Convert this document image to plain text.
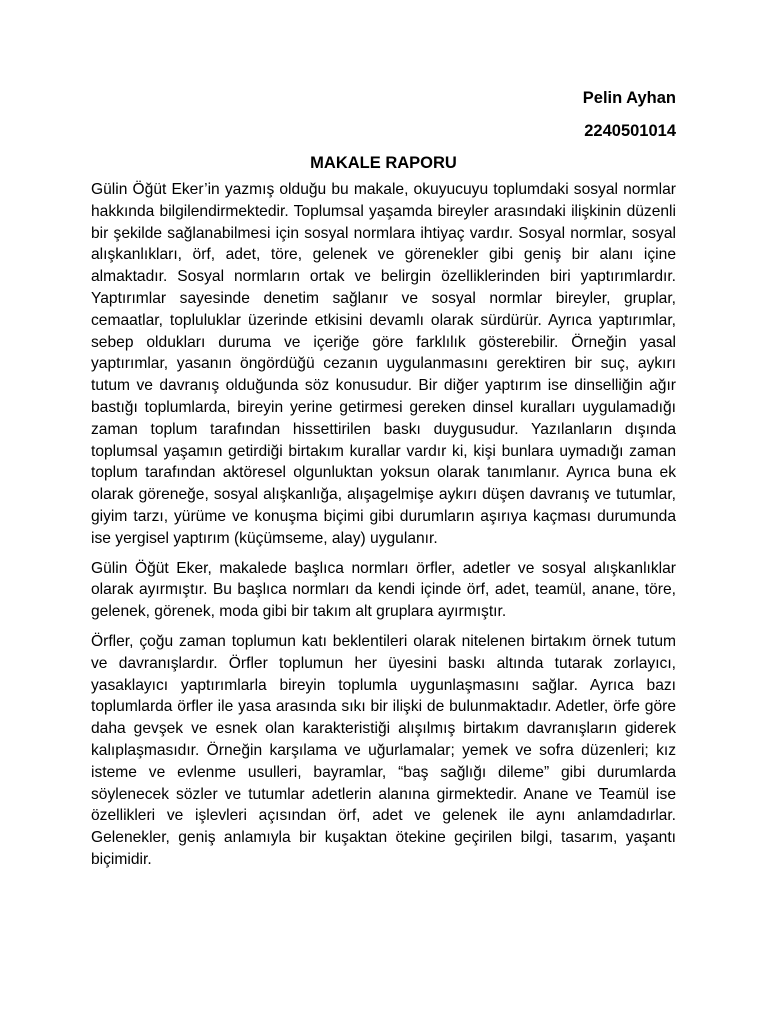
Pelin Ayhan

2240501014

MAKALE RAPORU

Gülin Öğüt Eker’in yazmış olduğu bu makale, okuyucuyu toplumdaki sosyal normlar hakkında bilgilendirmektedir. Toplumsal yaşamda bireyler arasındaki ilişkinin düzenli bir şekilde sağlanabilmesi için sosyal normlara ihtiyaç vardır. Sosyal normlar, sosyal alışkanlıkları, örf, adet, töre, gelenek ve görenekler gibi geniş bir alanı içine almaktadır. Sosyal normların ortak ve belirgin özelliklerinden biri yaptırımlardır. Yaptırımlar sayesinde denetim sağlanır ve sosyal normlar bireyler, gruplar, cemaatlar, topluluklar üzerinde etkisini devamlı olarak sürdürür. Ayrıca yaptırımlar, sebep oldukları duruma ve içeriğe göre farklılık gösterebilir. Örneğin yasal yaptırımlar, yasanın öngördüğü cezanın uygulanmasını gerektiren bir suç, aykırı tutum ve davranış olduğunda söz konusudur. Bir diğer yaptırım ise dinselliğin ağır bastığı toplumlarda, bireyin yerine getirmesi gereken dinsel kuralları uygulamadığı zaman toplum tarafından hissettirilen baskı duygusudur. Yazılanların dışında toplumsal yaşamın getirdiği birtakım kurallar vardır ki, kişi bunlara uymadığı zaman toplum tarafından aktöresel olgunluktan yoksun olarak tanımlanır. Ayrıca buna ek olarak göreneğe, sosyal alışkanlığa, alışagelmişe aykırı düşen davranış ve tutumlar, giyim tarzı, yürüme ve konuşma biçimi gibi durumların aşırıya kaçması durumunda ise yergisel yaptırım (küçümseme, alay) uygulanır.

Gülin Öğüt Eker, makalede başlıca normları örfler, adetler ve sosyal alışkanlıklar olarak ayırmıştır. Bu başlıca normları da kendi içinde örf, adet, teamül, anane, töre, gelenek, görenek, moda gibi bir takım alt gruplara ayırmıştır.

Örfler, çoğu zaman toplumun katı beklentileri olarak nitelenen birtakım örnek tutum ve davranışlardır. Örfler toplumun her üyesini baskı altında tutarak zorlayıcı, yasaklayıcı yaptırımlarla bireyin toplumla uygunlaşmasını sağlar. Ayrıca bazı toplumlarda örfler ile yasa arasında sıkı bir ilişki de bulunmaktadır. Adetler, örfe göre daha gevşek ve esnek olan karakteristiği alışılmış birtakım davranışların giderek kalıplaşmasıdır. Örneğin karşılama ve uğurlamalar; yemek ve sofra düzenleri; kız isteme ve evlenme usulleri, bayramlar, “baş sağlığı dileme” gibi durumlarda söylenecek sözler ve tutumlar adetlerin alanına girmektedir. Anane ve Teamül ise özellikleri ve işlevleri açısından örf, adet ve gelenek ile aynı anlamdadırlar. Gelenekler, geniş anlamıyla bir kuşaktan ötekine geçirilen bilgi, tasarım, yaşantı biçimidir.
